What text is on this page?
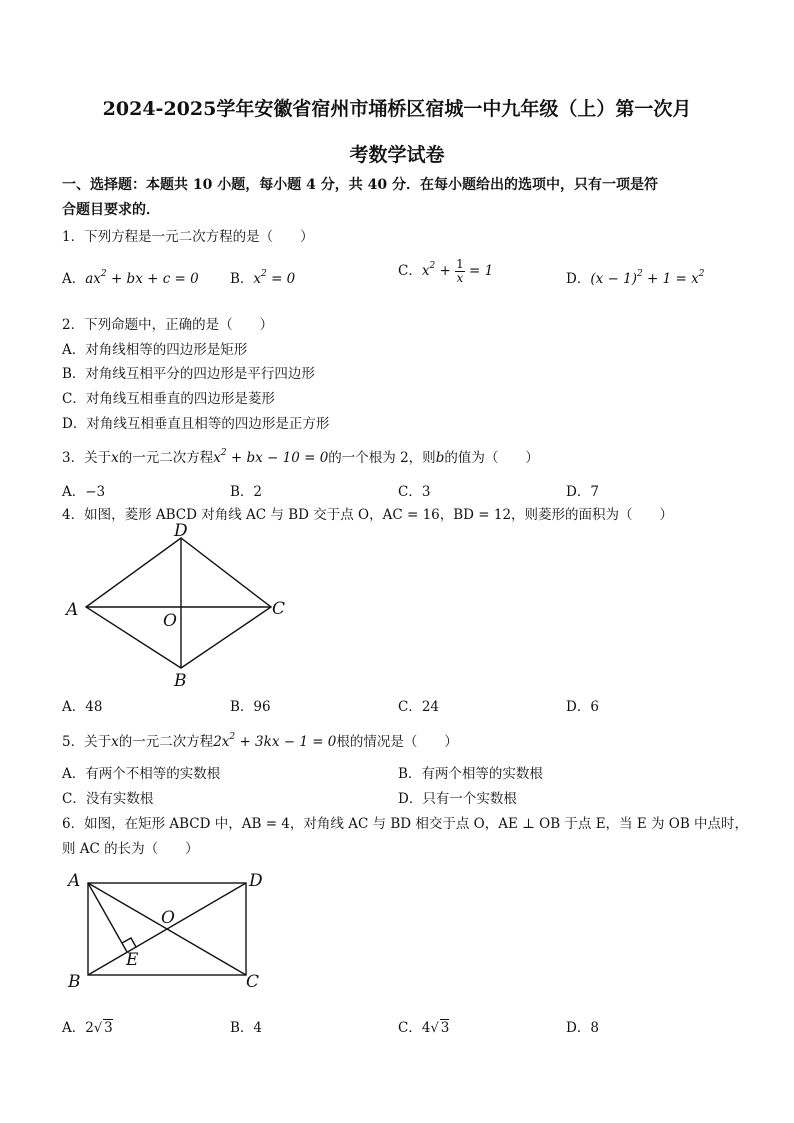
2024-2025学年安徽省宿州市埇桥区宿城一中九年级（上）第一次月
考数学试卷
一、选择题：本题共 10 小题，每小题 4 分，共 40 分．在每小题给出的选项中，只有一项是符
合题目要求的．
1．下列方程是一元二次方程的是（　　）
A．$ax^2$ + bx + c = 0 B．$x^2 = 0$	C．$x^2 + \frac{1}{x} = 1$	D．$(x - 1)^2 + 1 = x^2$
2．下列命题中，正确的是（　　）
A．对角线相等的四边形是矩形
B．对角线互相平分的四边形是平行四边形
C．对角线互相垂直的四边形是菱形
D．对角线互相垂直且相等的四边形是正方形
3．关于x的一元二次方程$x^2$ + bx − 10 = 0的一个根为 2，则b的值为（　　）
A．−3	B．2	C．3	D．7
4．如图，菱形 ABCD 对角线 AC 与 BD 交于点 O，AC = 16，BD = 12，则菱形的面积为（　　）
A
B
C
D
O
A．48	B．96	C．24	D．6
5．关于x的一元二次方程$2x^2 + 3kx - 1 = 0$根的情况是（　　）
A．有两个不相等的实数根	B．有两个相等的实数根
C．没有实数根	D．只有一个实数根
6．如图，在矩形 ABCD 中，AB = 4，对角线 AC 与 BD 相交于点 O，AE ⊥ OB 于点 E，当 E 为 OB 中点时，
则 AC 的长为（　　）
A
B	C
D
O
E
A．2√ 3	B．4	C．4√ 3	D．8
